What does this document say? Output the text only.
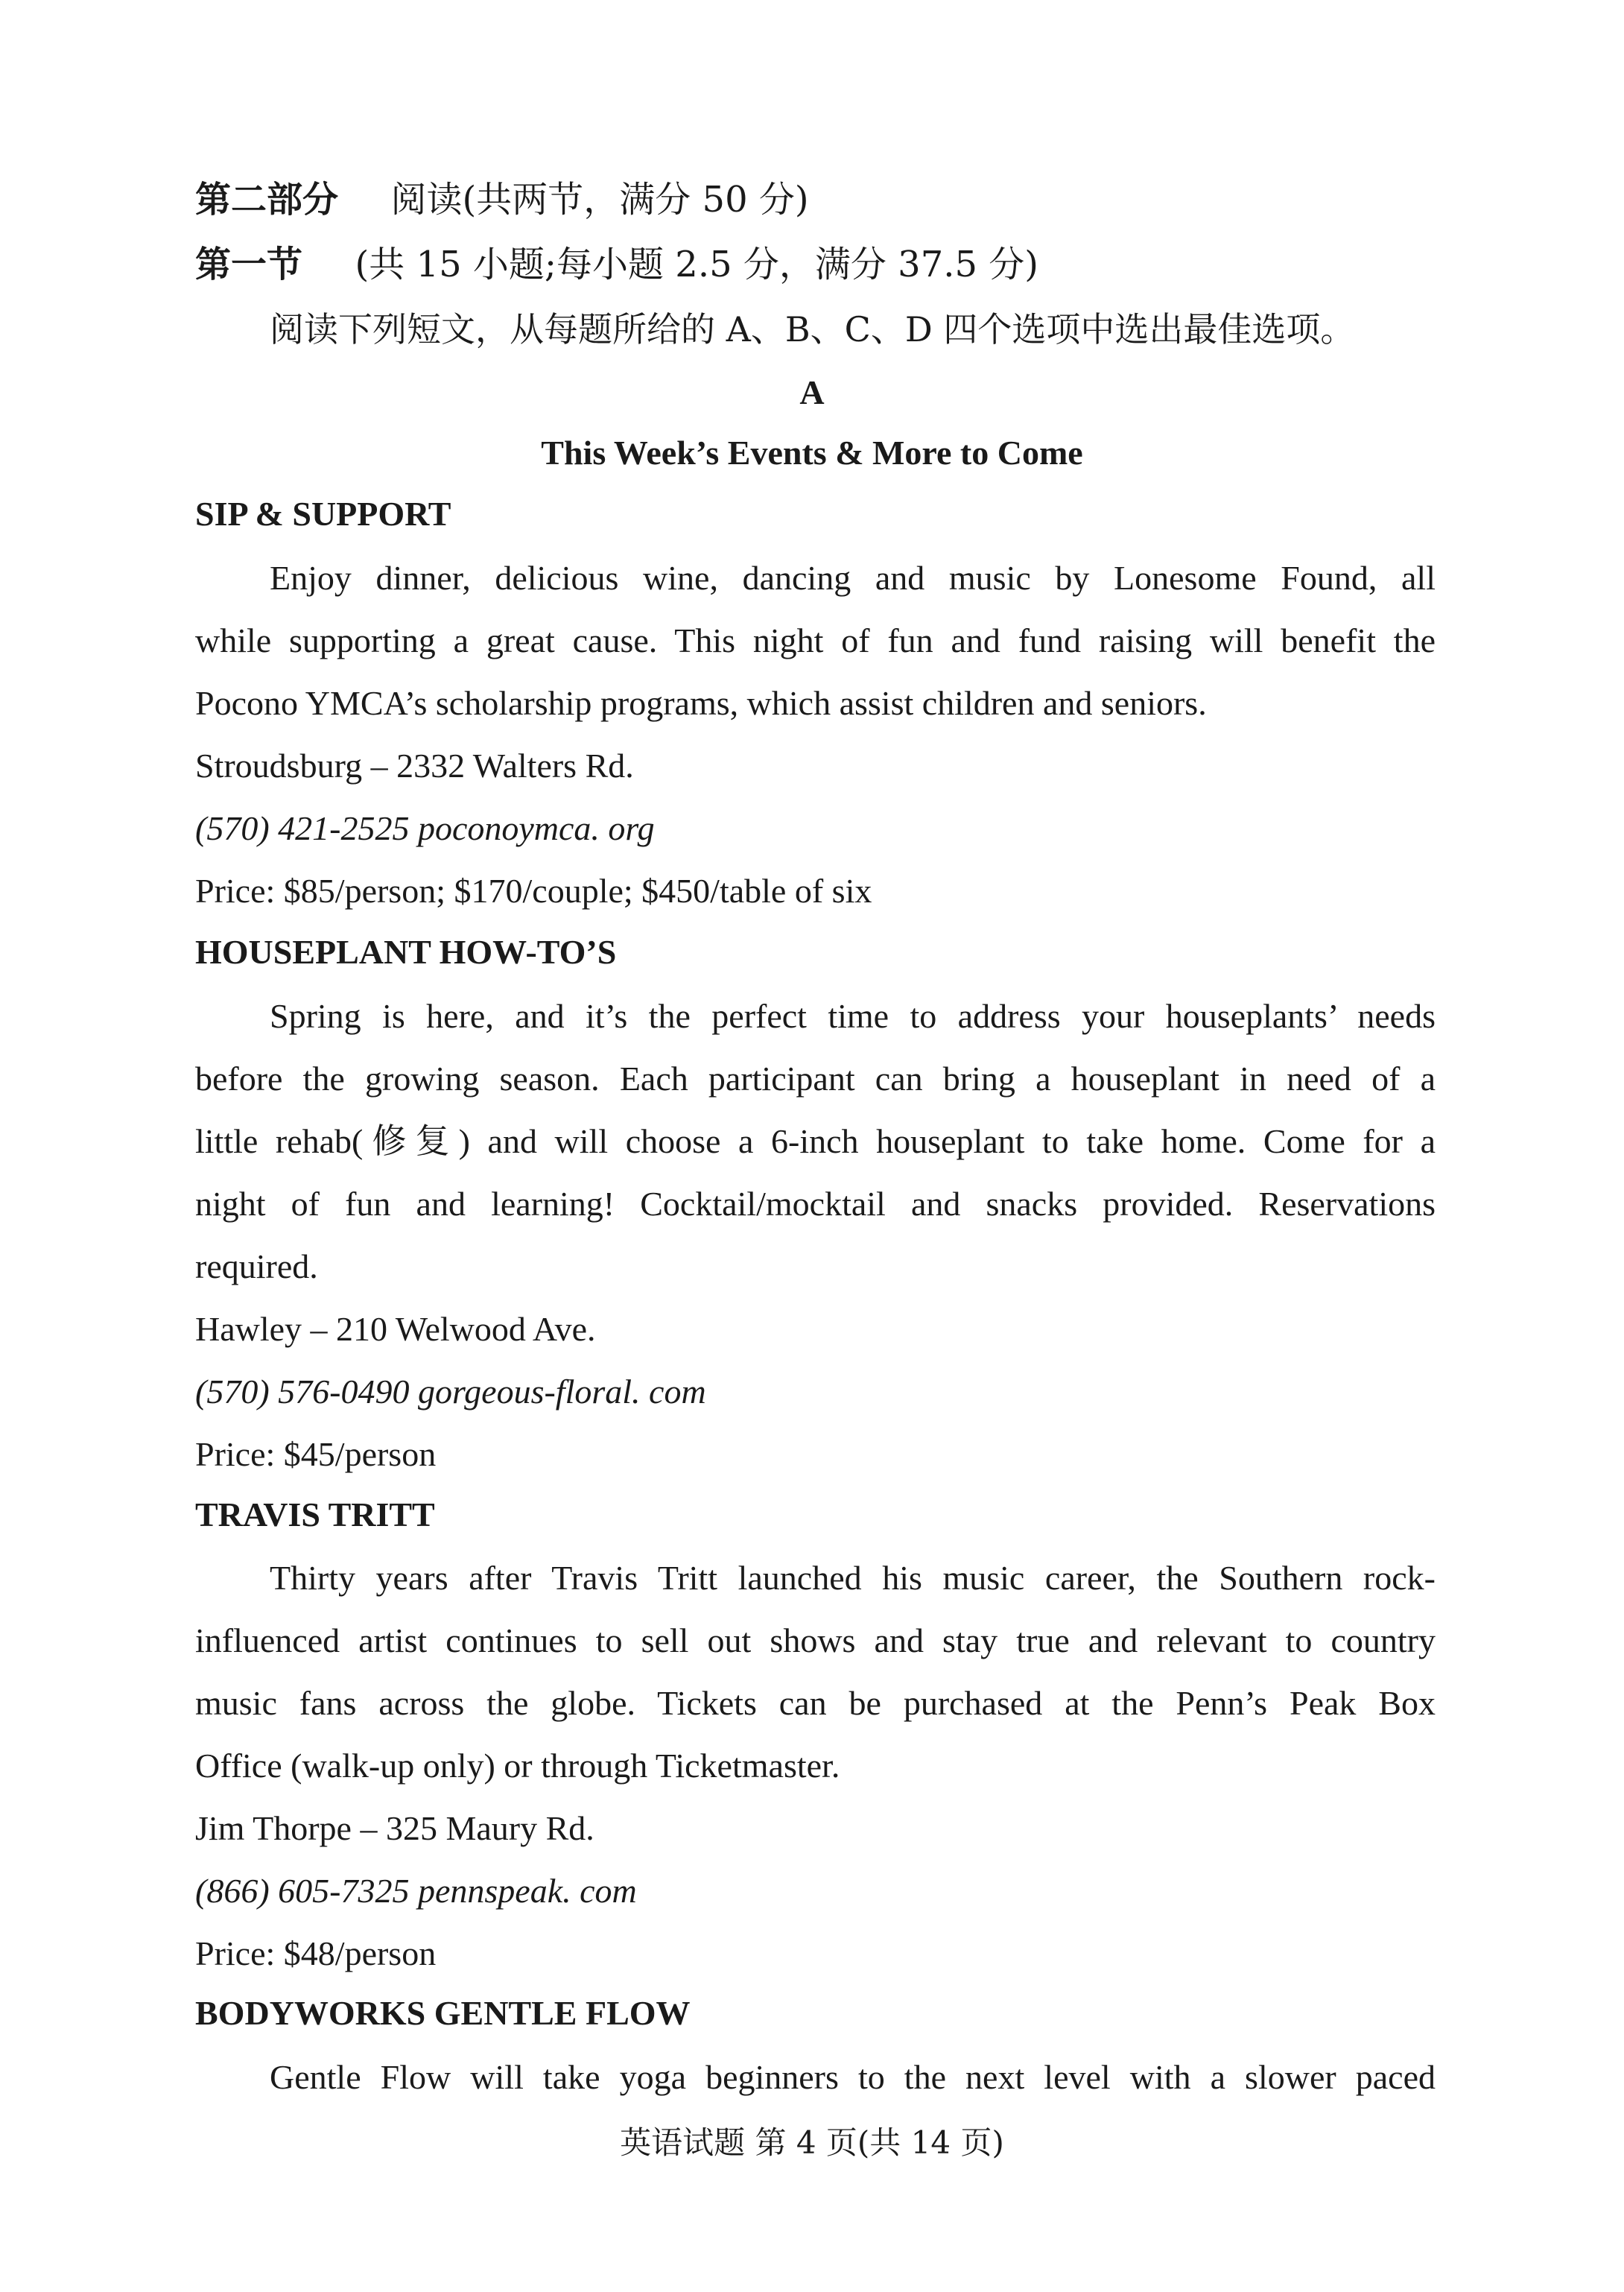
第二部分 阅读(共两节，满分 50 分)
第一节 (共 15 小题;每小题 2.5 分，满分 37.5 分)
阅读下列短文，从每题所给的 A、B、C、D 四个选项中选出最佳选项。
A
This Week’s Events & More to Come
SIP & SUPPORT
Enjoy dinner, delicious wine, dancing and music by Lonesome Found, all
while supporting a great cause. This night of fun and fund raising will benefit the
Pocono YMCA’s scholarship programs, which assist children and seniors.
Stroudsburg – 2332 Walters Rd.
(570) 421-2525 poconoymca. org
Price: $85/person; $170/couple; $450/table of six
HOUSEPLANT HOW-TO’S
Spring is here, and it’s the perfect time to address your houseplants’ needs
before the growing season. Each participant can bring a houseplant in need of a
little rehab(修复) and will choose a 6-inch houseplant to take home. Come for a
night of fun and learning! Cocktail/mocktail and snacks provided. Reservations
required.
Hawley – 210 Welwood Ave.
(570) 576-0490 gorgeous-floral. com
Price: $45/person
TRAVIS TRITT
Thirty years after Travis Tritt launched his music career, the Southern rock-
influenced artist continues to sell out shows and stay true and relevant to country
music fans across the globe. Tickets can be purchased at the Penn’s Peak Box
Office (walk-up only) or through Ticketmaster.
Jim Thorpe – 325 Maury Rd.
(866) 605-7325 pennspeak. com
Price: $48/person
BODYWORKS GENTLE FLOW
Gentle Flow will take yoga beginners to the next level with a slower paced
英语试题 第 4 页(共 14 页)
